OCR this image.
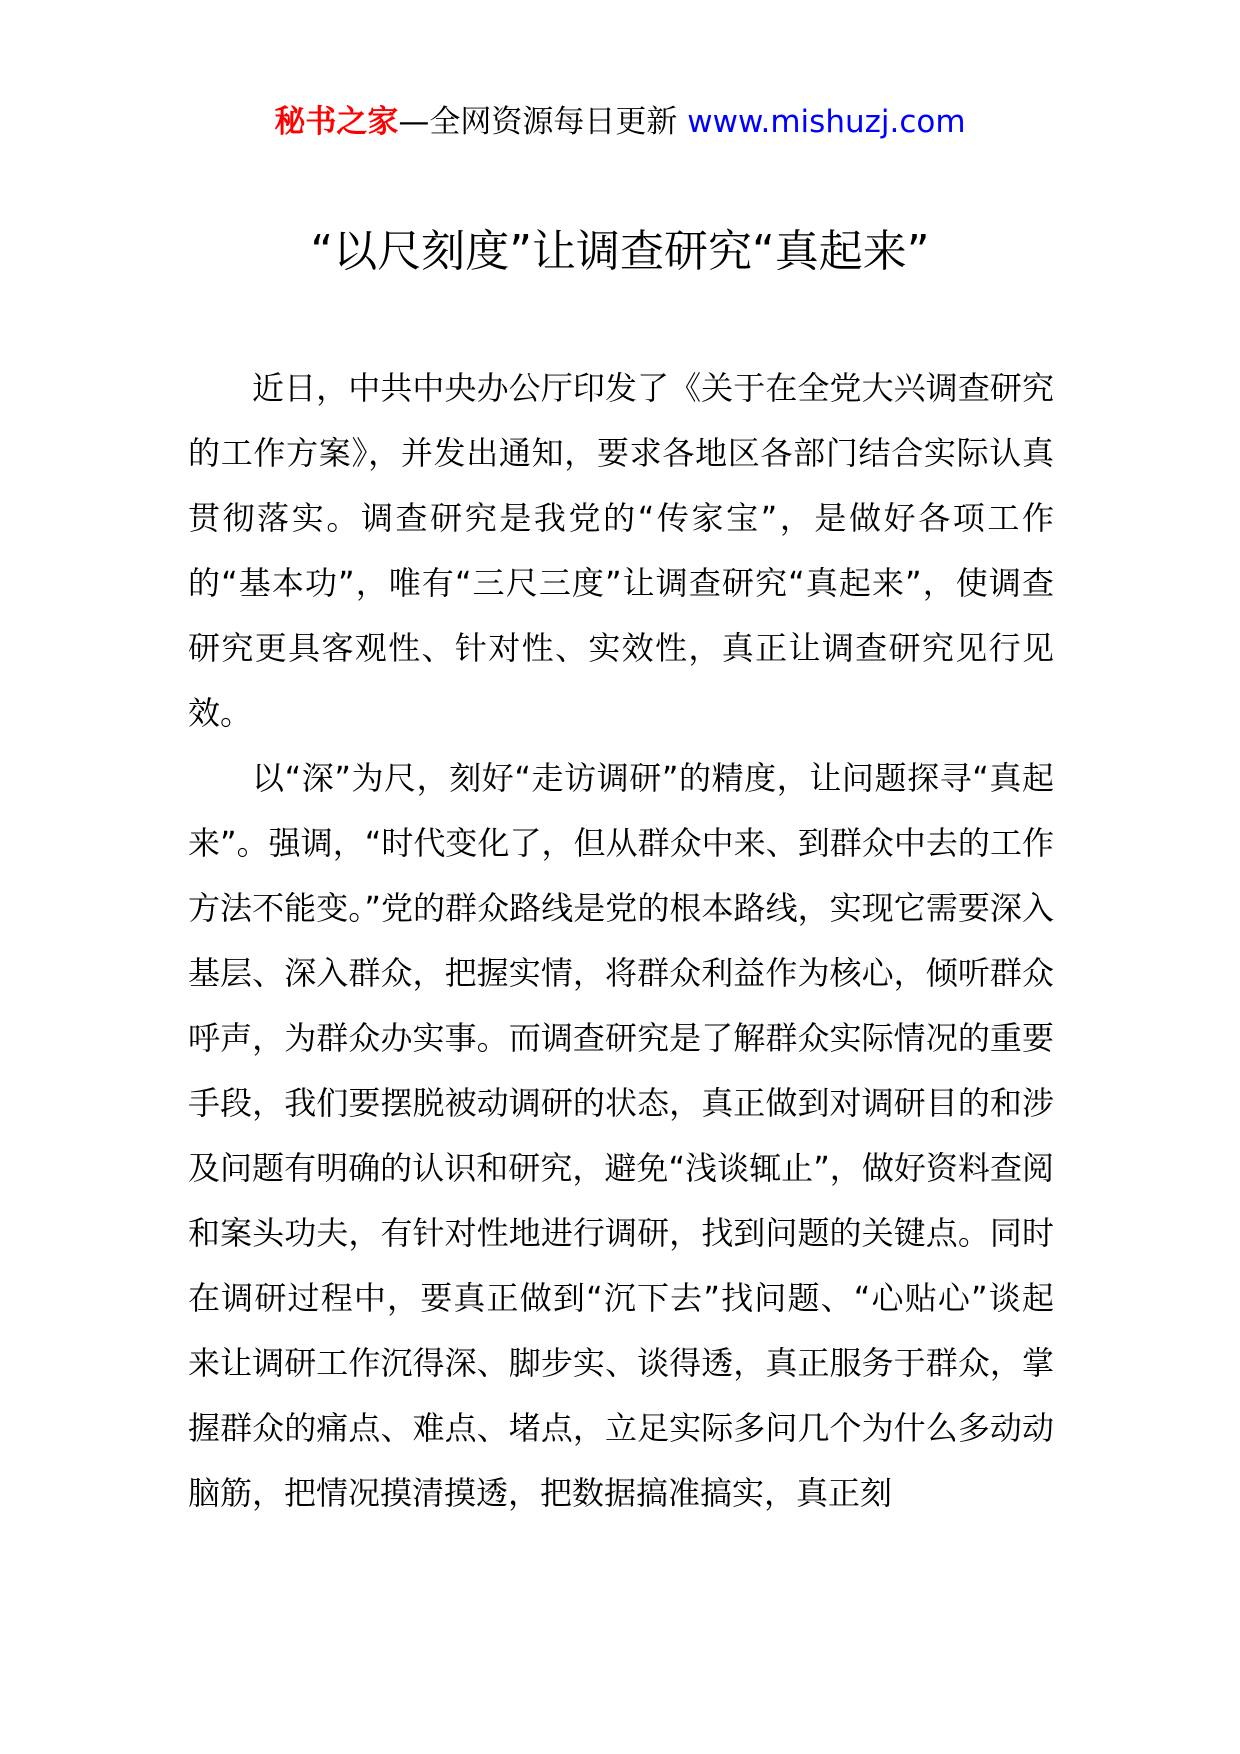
秘书之家—全网资源每日更新 www.mishuzj.com
“以尺刻度”让调查研究“真起来”

近日，中共中央办公厅印发了《关于在全党大兴调查研究的工作方案》，并发出通知，要求各地区各部门结合实际认真贯彻落实。调查研究是我党的“传家宝”，是做好各项工作的“基本功”，唯有“三尺三度”让调查研究“真起来”，使调查研究更具客观性、针对性、实效性，真正让调查研究见行见效。

以“深”为尺，刻好“走访调研”的精度，让问题探寻“真起来”。强调，“时代变化了，但从群众中来、到群众中去的工作方法不能变。”党的群众路线是党的根本路线，实现它需要深入基层、深入群众，把握实情，将群众利益作为核心，倾听群众呼声，为群众办实事。而调查研究是了解群众实际情况的重要手段，我们要摆脱被动调研的状态，真正做到对调研目的和涉及问题有明确的认识和研究，避免“浅谈辄止”，做好资料查阅和案头功夫，有针对性地进行调研，找到问题的关键点。同时在调研过程中，要真正做到“沉下去”找问题、“心贴心”谈起来让调研工作沉得深、脚步实、谈得透，真正服务于群众，掌握群众的痛点、难点、堵点，立足实际多问几个为什么多动动脑筋，把情况摸清摸透，把数据搞准搞实，真正刻
